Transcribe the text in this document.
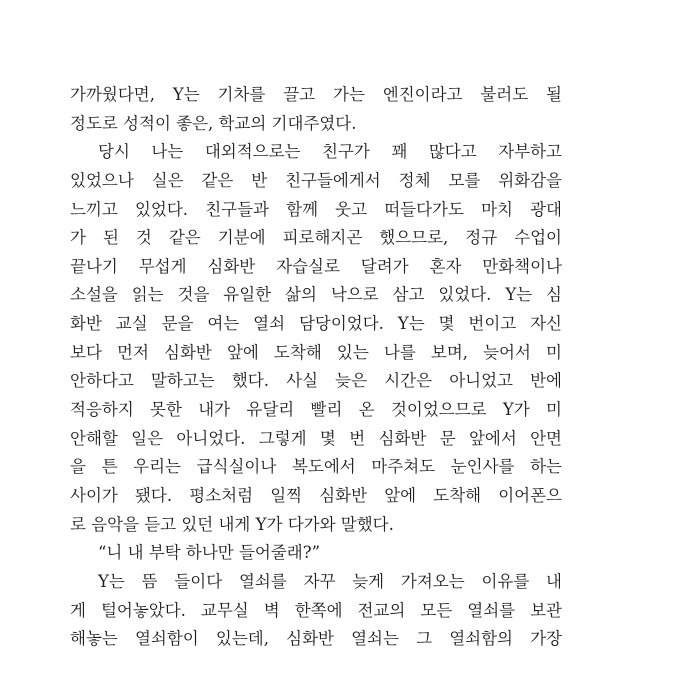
가까웠다면, Y는 기차를 끌고 가는 엔진이라고 불러도 될
정도로 성적이 좋은, 학교의 기대주였다.
당시 나는 대외적으로는 친구가 꽤 많다고 자부하고
있었으나 실은 같은 반 친구들에게서 정체 모를 위화감을
느끼고 있었다. 친구들과 함께 웃고 떠들다가도 마치 광대
가 된 것 같은 기분에 피로해지곤 했으므로, 정규 수업이
끝나기 무섭게 심화반 자습실로 달려가 혼자 만화책이나
소설을 읽는 것을 유일한 삶의 낙으로 삼고 있었다. Y는 심
화반 교실 문을 여는 열쇠 담당이었다. Y는 몇 번이고 자신
보다 먼저 심화반 앞에 도착해 있는 나를 보며, 늦어서 미
안하다고 말하고는 했다. 사실 늦은 시간은 아니었고 반에
적응하지 못한 내가 유달리 빨리 온 것이었으므로 Y가 미
안해할 일은 아니었다. 그렇게 몇 번 심화반 문 앞에서 안면
을 튼 우리는 급식실이나 복도에서 마주쳐도 눈인사를 하는
사이가 됐다. 평소처럼 일찍 심화반 앞에 도착해 이어폰으
로 음악을 듣고 있던 내게 Y가 다가와 말했다.
“니 내 부탁 하나만 들어줄래?”
Y는 뜸 들이다 열쇠를 자꾸 늦게 가져오는 이유를 내
게 털어놓았다. 교무실 벽 한쪽에 전교의 모든 열쇠를 보관
해놓는 열쇠함이 있는데, 심화반 열쇠는 그 열쇠함의 가장
